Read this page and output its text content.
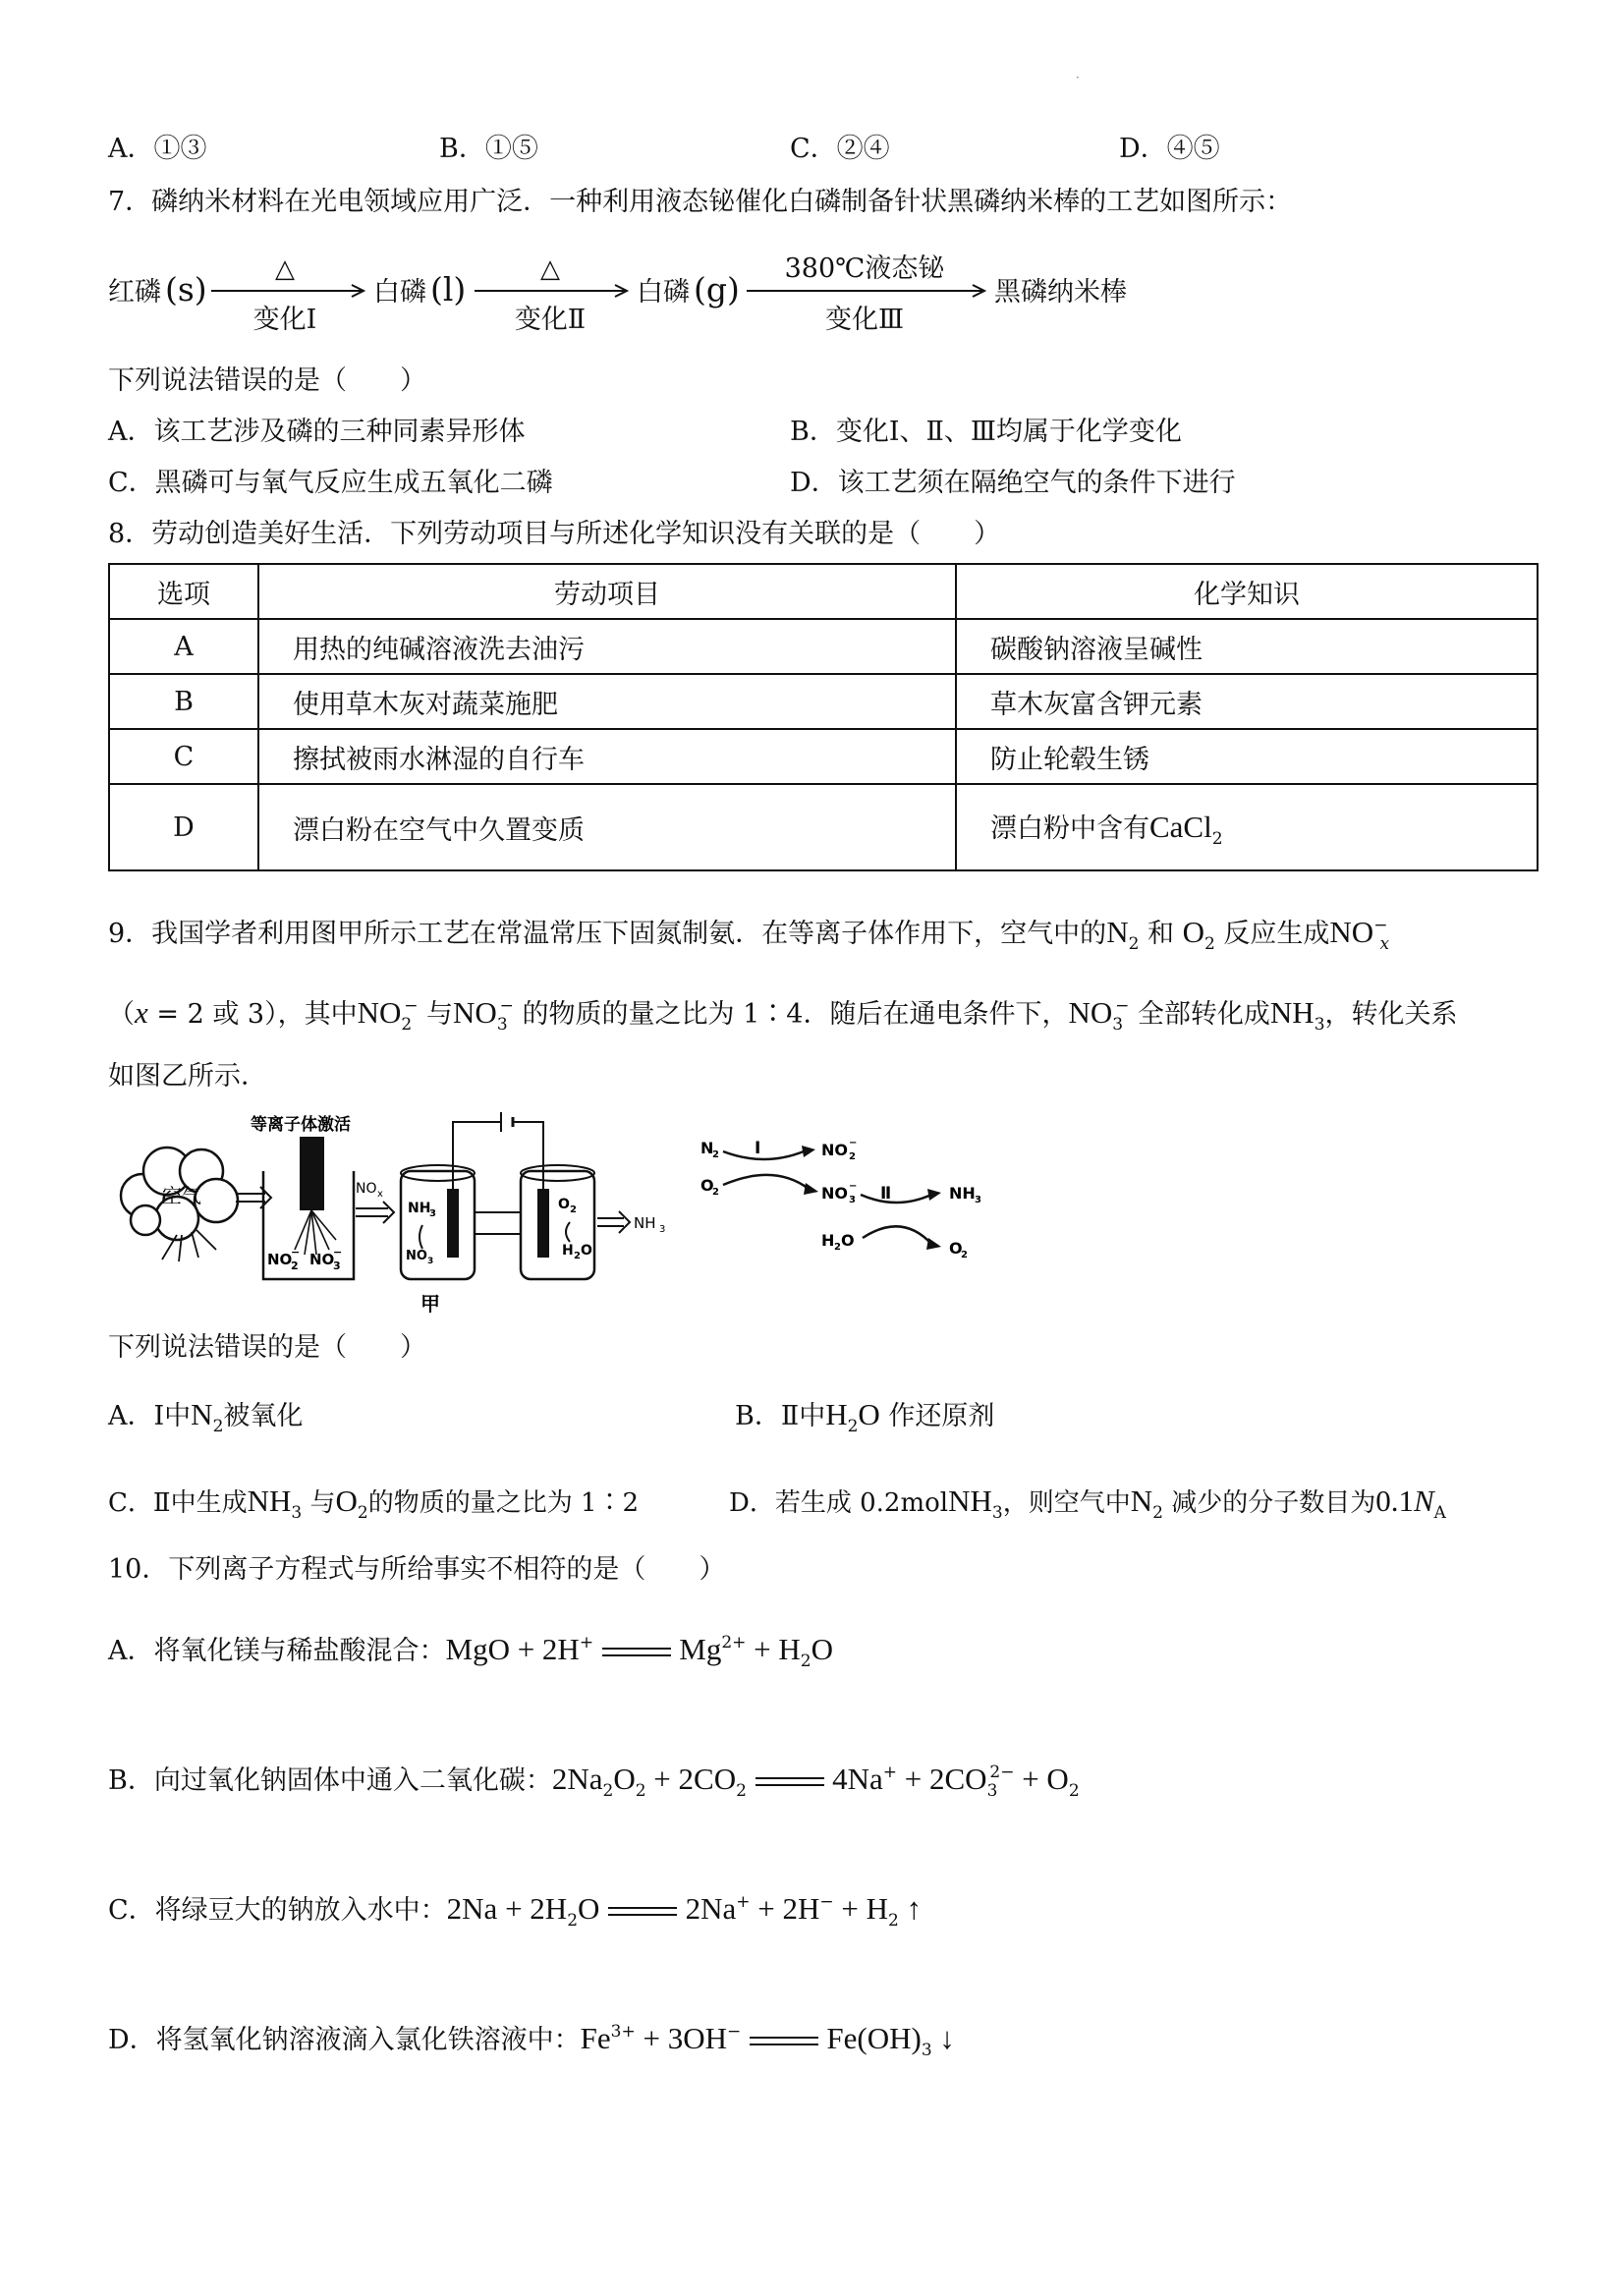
·
A．①③	B．①⑤	C．②④	D．④⑤
7．磷纳米材料在光电领域应用广泛．一种利用液态铋催化白磷制备针状黑磷纳米棒的工艺如图所示：
红磷 (s)	白磷 (l)	白磷 (g)	黑磷纳米棒
△
变化Ⅰ
△
变化Ⅱ
380℃液态铋
变化Ⅲ
下列说法错误的是（　　）
A．该工艺涉及磷的三种同素异形体	B．变化Ⅰ、Ⅱ、Ⅲ均属于化学变化
C．黑磷可与氧气反应生成五氧化二磷	D．该工艺须在隔绝空气的条件下进行
8．劳动创造美好生活．下列劳动项目与所述化学知识没有关联的是（　　）
选项	劳动项目	化学知识
A	用热的纯碱溶液洗去油污	碳酸钠溶液呈碱性
B	使用草木灰对蔬菜施肥	草木灰富含钾元素
C	擦拭被雨水淋湿的自行车	防止轮毂生锈
D	漂白粉在空气中久置变质	漂白粉中含有CaCl$_2$
9．我国学者利用图甲所示工艺在常温常压下固氮制氨．在等离子体作用下，空气中的$N_2$ 和 $O_2$ 反应生成$NO^-_x$
（x = 2 或 3），其中$NO_2^-$ 与$NO_3^-$ 的物质的量之比为 1∶4．随后在通电条件下，$NO_3^-$ 全部转化成$NH_3$，转化关系
如图乙所示．
空气
等离子体激活
NO
2
− NO
3
−
NO x
NH
3
NO 3
O 2
H 2 O
NH 3
甲
N
2
O
2
Ⅰ	NO 2
−
NO 3
− Ⅱ
H 2 O
NH 3
O
2
下列说法错误的是（　　）
A．Ⅰ中$N_2$被氧化	B．Ⅱ中$H_2O$ 作还原剂
C．Ⅱ中生成$NH_3$ 与$O_2$的物质的量之比为 1∶2	D．若生成 0.2molNH$_3$，则空气中$N_2$ 减少的分子数目为$0.1N_A$
10．下列离子方程式与所给事实不相符的是（　　）
A．将氧化镁与稀盐酸混合：MgO + 2H+	$Mg^{2+} + H_2O$
B．向过氧化钠固体中通入二氧化碳：$2Na_2O_2 + 2CO_2$	$4Na^+ + 2CO_3^{2-} + O_2$
C．将绿豆大的钠放入水中：$2Na + 2H_2O$	$2Na^+ + 2H^- + H_2$ ↑
D．将氢氧化钠溶液滴入氯化铁溶液中：$Fe^{3+} + 3OH^-$	$Fe(OH)_3$ ↓
